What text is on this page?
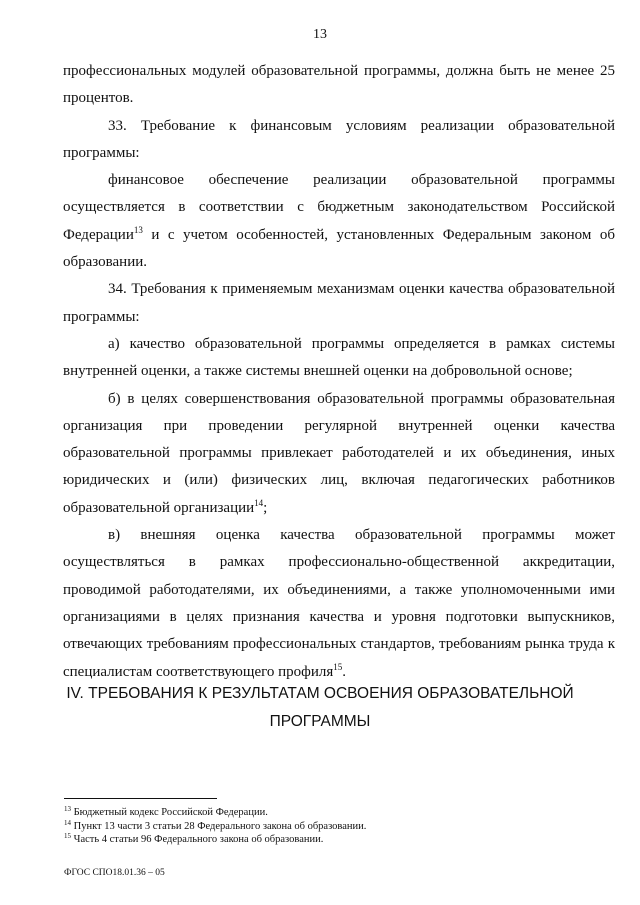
13

профессиональных модулей образовательной программы, должна быть не менее 25 процентов.

33. Требование к финансовым условиям реализации образовательной программы:

финансовое обеспечение реализации образовательной программы осуществляется в соответствии с бюджетным законодательством Российской Федерации$^{13}$ и с учетом особенностей, установленных Федеральным законом об образовании.

34. Требования к применяемым механизмам оценки качества образовательной программы:

а) качество образовательной программы определяется в рамках системы внутренней оценки, а также системы внешней оценки на добровольной основе;

б) в целях совершенствования образовательной программы образовательная организация при проведении регулярной внутренней оценки качества образовательной программы привлекает работодателей и их объединения, иных юридических и (или) физических лиц, включая педагогических работников образовательной организации$^{14}$;

в) внешняя оценка качества образовательной программы может осуществляться в рамках профессионально-общественной аккредитации, проводимой работодателями, их объединениями, а также уполномоченными ими организациями в целях признания качества и уровня подготовки выпускников, отвечающих требованиям профессиональных стандартов, требованиям рынка труда к специалистам соответствующего профиля$^{15}$.

IV. ТРЕБОВАНИЯ К РЕЗУЛЬТАТАМ ОСВОЕНИЯ ОБРАЗОВАТЕЛЬНОЙ
ПРОГРАММЫ

$^{13}$ Бюджетный кодекс Российской Федерации.

$^{14}$ Пункт 13 части 3 статьи 28 Федерального закона об образовании.

$^{15}$ Часть 4 статьи 96 Федерального закона об образовании.

ФГОС СПО18.01.36 – 05
